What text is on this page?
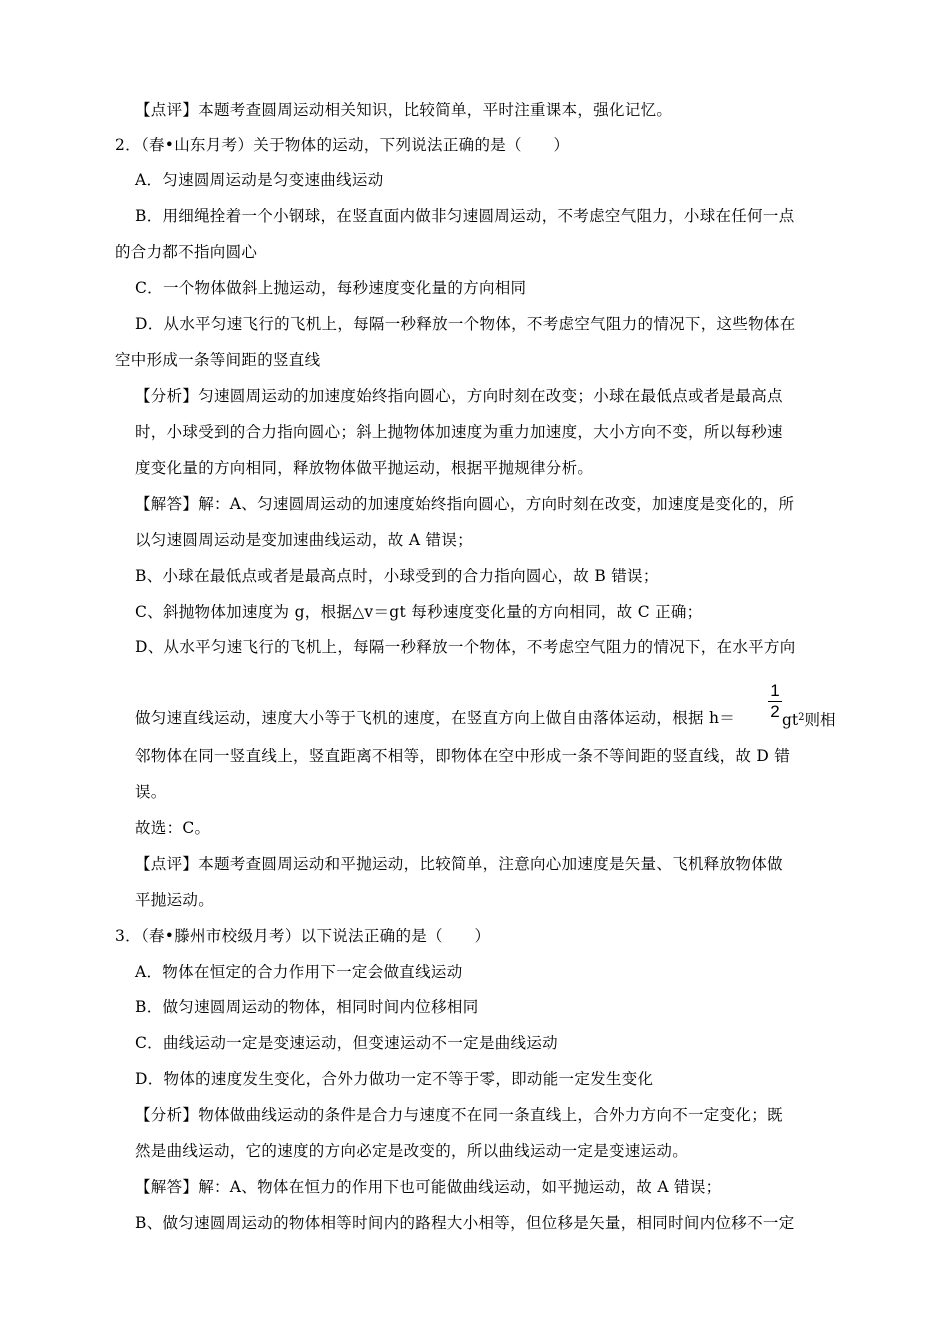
【点评】本题考查圆周运动相关知识，比较简单，平时注重课本，强化记忆。

2．（春•山东月考）关于物体的运动，下列说法正确的是（　　）

A．匀速圆周运动是匀变速曲线运动

B．用细绳拴着一个小钢球，在竖直面内做非匀速圆周运动，不考虑空气阻力，小球在任何一点

的合力都不指向圆心

C．一个物体做斜上抛运动，每秒速度变化量的方向相同

D．从水平匀速飞行的飞机上，每隔一秒释放一个物体，不考虑空气阻力的情况下，这些物体在

空中形成一条等间距的竖直线

【分析】匀速圆周运动的加速度始终指向圆心，方向时刻在改变；小球在最低点或者是最高点

时，小球受到的合力指向圆心；斜上抛物体加速度为重力加速度，大小方向不变，所以每秒速

度变化量的方向相同，释放物体做平抛运动，根据平抛规律分析。

【解答】解：A、匀速圆周运动的加速度始终指向圆心，方向时刻在改变，加速度是变化的，所

以匀速圆周运动是变加速曲线运动，故 A 错误；

B、小球在最低点或者是最高点时，小球受到的合力指向圆心，故 B 错误；

C、斜抛物体加速度为 g，根据△v＝gt 每秒速度变化量的方向相同，故 C 正确；

D、从水平匀速飞行的飞机上，每隔一秒释放一个物体，不考虑空气阻力的情况下，在水平方向

做匀速直线运动，速度大小等于飞机的速度，在竖直方向上做自由落体运动，根据 h＝

1
2 $gt^2$则相

邻物体在同一竖直线上，竖直距离不相等，即物体在空中形成一条不等间距的竖直线，故 D 错

误。

故选：C。

【点评】本题考查圆周运动和平抛运动，比较简单，注意向心加速度是矢量、飞机释放物体做

平抛运动。

3．（春•滕州市校级月考）以下说法正确的是（　　）

A．物体在恒定的合力作用下一定会做直线运动

B．做匀速圆周运动的物体，相同时间内位移相同

C．曲线运动一定是变速运动，但变速运动不一定是曲线运动

D．物体的速度发生变化，合外力做功一定不等于零，即动能一定发生变化

【分析】物体做曲线运动的条件是合力与速度不在同一条直线上，合外力方向不一定变化；既

然是曲线运动，它的速度的方向必定是改变的，所以曲线运动一定是变速运动。

【解答】解：A、物体在恒力的作用下也可能做曲线运动，如平抛运动，故 A 错误；

B、做匀速圆周运动的物体相等时间内的路程大小相等，但位移是矢量，相同时间内位移不一定
